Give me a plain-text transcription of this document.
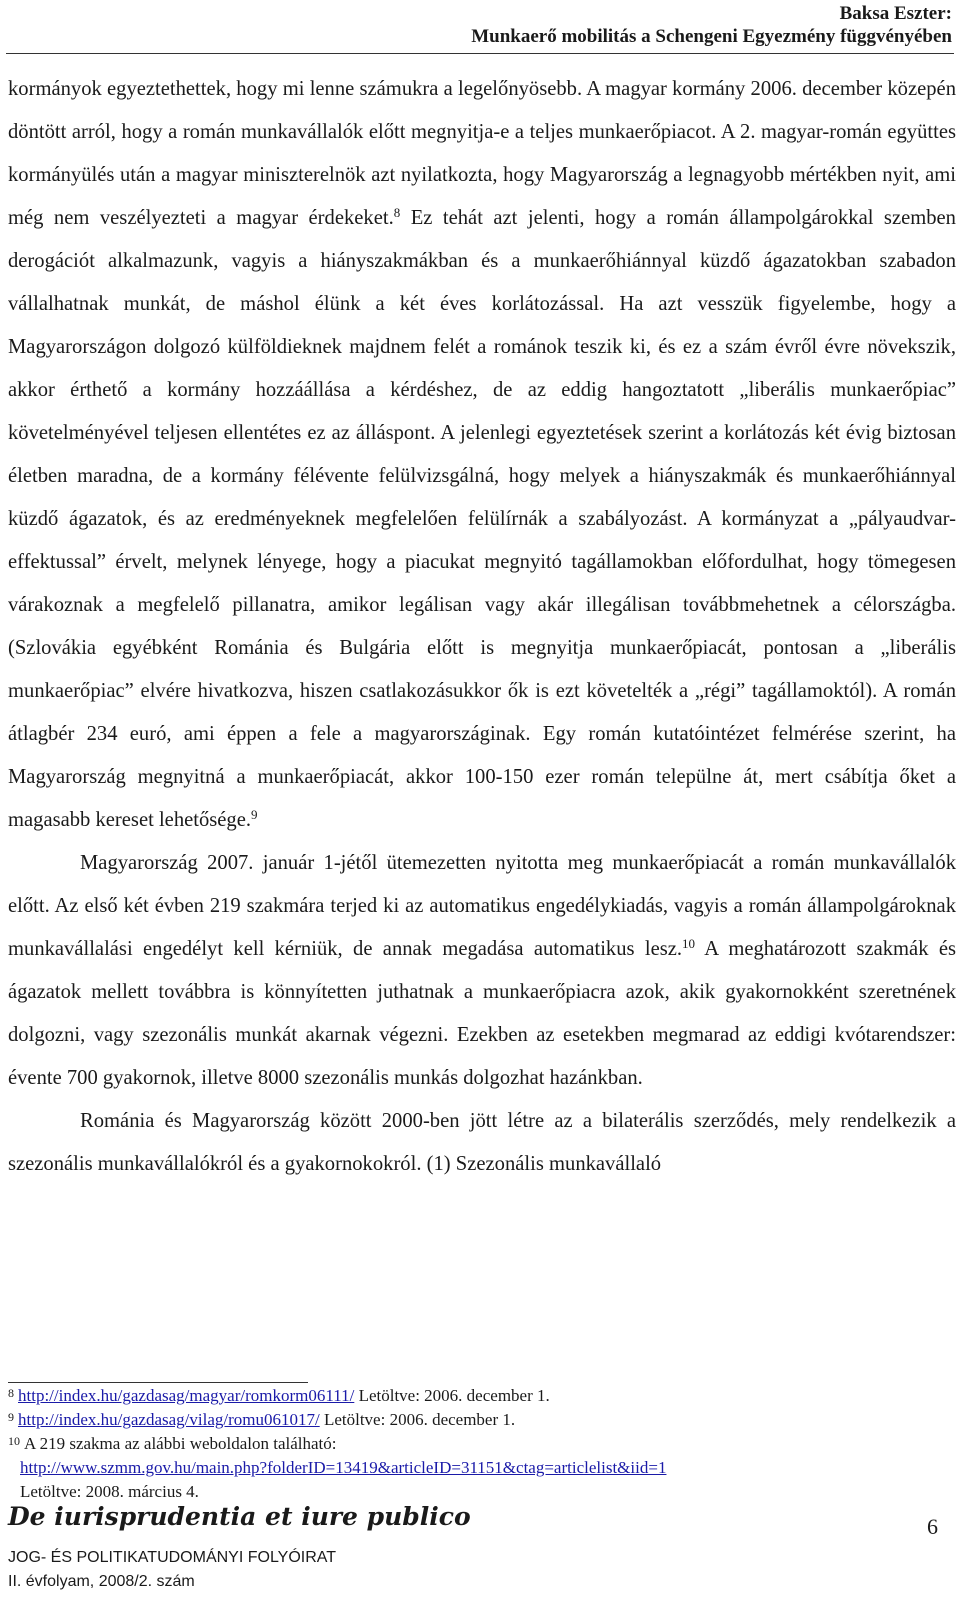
Baksa Eszter:
Munkaerő mobilitás a Schengeni Egyezmény függvényében

kormányok egyeztethettek, hogy mi lenne számukra a legelőnyösebb. A magyar kormány 2006. december közepén döntött arról, hogy a román munkavállalók előtt megnyitja-e a teljes munkaerőpiacot. A 2. magyar-román együttes kormányülés után a magyar miniszterelnök azt nyilatkozta, hogy Magyarország a legnagyobb mértékben nyit, ami még nem veszélyezteti a magyar érdekeket.$^8$ Ez tehát azt jelenti, hogy a román állampolgárokkal szemben derogációt alkalmazunk, vagyis a hiányszakmákban és a munkaerőhiánnyal küzdő ágazatokban szabadon vállalhatnak munkát, de máshol élünk a két éves korlátozással. Ha azt vesszük figyelembe, hogy a Magyarországon dolgozó külföldieknek majdnem felét a románok teszik ki, és ez a szám évről évre növekszik, akkor érthető a kormány hozzáállása a kérdéshez, de az eddig hangoztatott „liberális munkaerőpiac” követelményével teljesen ellentétes ez az álláspont. A jelenlegi egyeztetések szerint a korlátozás két évig biztosan életben maradna, de a kormány félévente felülvizsgálná, hogy melyek a hiányszakmák és munkaerőhiánnyal küzdő ágazatok, és az eredményeknek megfelelően felülírnák a szabályozást. A kormányzat a „pályaudvar-effektussal” érvelt, melynek lényege, hogy a piacukat megnyitó tagállamokban előfordulhat, hogy tömegesen várakoznak a megfelelő pillanatra, amikor legálisan vagy akár illegálisan továbbmehetnek a célországba. (Szlovákia egyébként Románia és Bulgária előtt is megnyitja munkaerőpiacát, pontosan a „liberális munkaerőpiac” elvére hivatkozva, hiszen csatlakozásukkor ők is ezt követelték a „régi” tagállamoktól). A román átlagbér 234 euró, ami éppen a fele a magyarországinak. Egy román kutatóintézet felmérése szerint, ha Magyarország megnyitná a munkaerőpiacát, akkor 100-150 ezer román települne át, mert csábítja őket a magasabb kereset lehetősége.$^9$

Magyarország 2007. január 1-jétől ütemezetten nyitotta meg munkaerőpiacát a román munkavállalók előtt. Az első két évben 219 szakmára terjed ki az automatikus engedélykiadás, vagyis a román állampolgároknak munkavállalási engedélyt kell kérniük, de annak megadása automatikus lesz.$^{10}$ A meghatározott szakmák és ágazatok mellett továbbra is könnyítetten juthatnak a munkaerőpiacra azok, akik gyakornokként szeretnének dolgozni, vagy szezonális munkát akarnak végezni. Ezekben az esetekben megmarad az eddigi kvótarendszer: évente 700 gyakornok, illetve 8000 szezonális munkás dolgozhat hazánkban.

Románia és Magyarország között 2000-ben jött létre az a bilaterális szerződés, mely rendelkezik a szezonális munkavállalókról és a gyakornokokról. (1) Szezonális munkavállaló

$^8$ http://index.hu/gazdasag/magyar/romkorm06111/ Letöltve: 2006. december 1.

$^9$ http://index.hu/gazdasag/vilag/romu061017/ Letöltve: 2006. december 1.

$^{10}$ A 219 szakma az alábbi weboldalon található:
http://www.szmm.gov.hu/main.php?folderID=13419&articleID=31151&ctag=articlelist&iid=1
Letöltve: 2008. március 4.

De iurisprudentia et iure publico
JOG- ÉS POLITIKATUDOMÁNYI FOLYÓIRAT
II. évfolyam, 2008/2. szám
6
